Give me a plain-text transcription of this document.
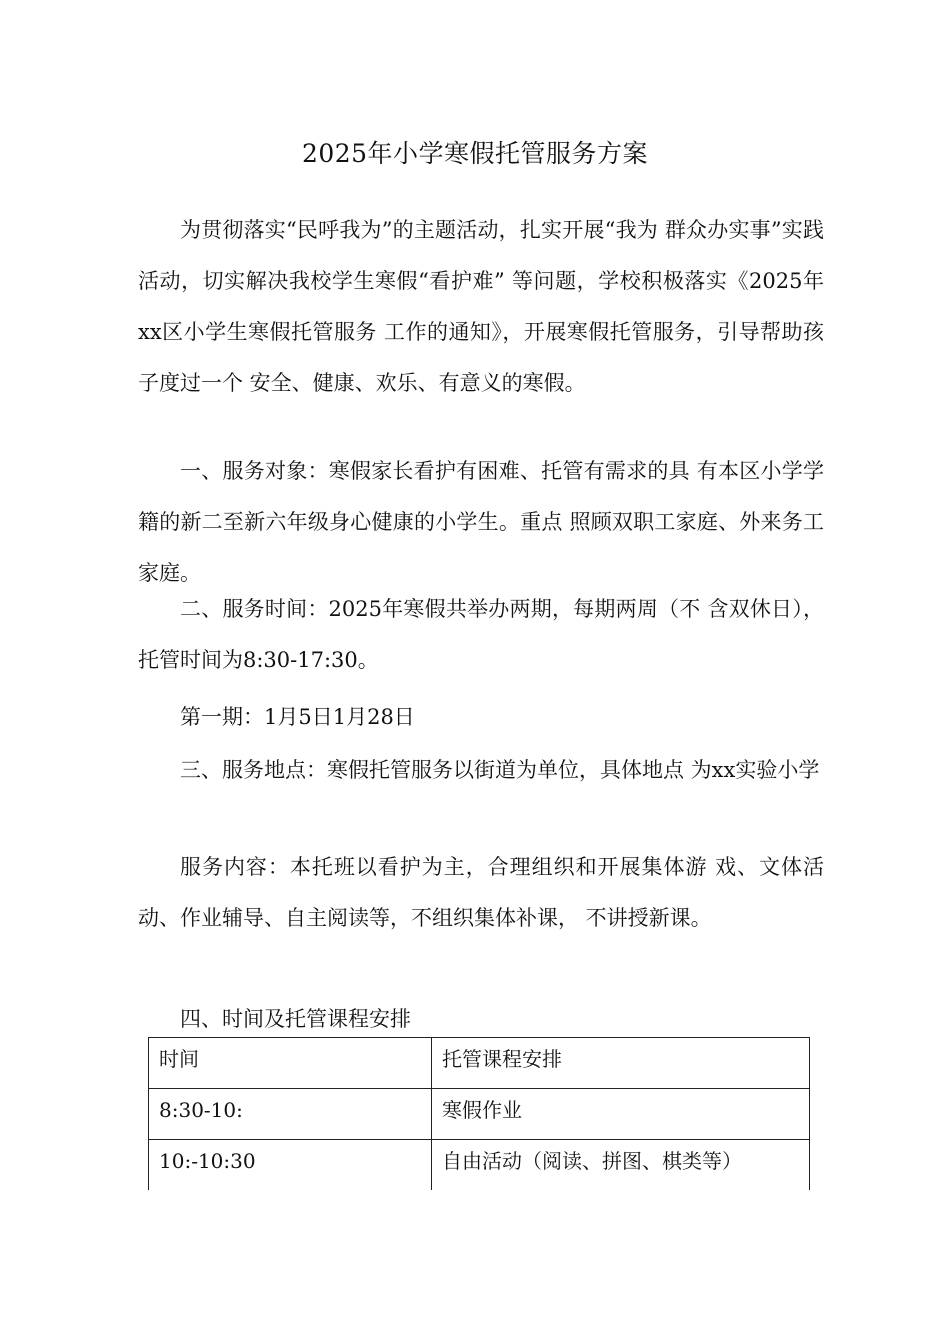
2025年小学寒假托管服务方案

为贯彻落实“民呼我为”的主题活动，扎实开展“我为 群众办实事”实践活动，切实解决我校学生寒假“看护难” 等问题，学校积极落实《2025年xx区小学生寒假托管服务 工作的通知》，开展寒假托管服务，引导帮助孩子度过一个 安全、健康、欢乐、有意义的寒假。

一、服务对象：寒假家长看护有困难、托管有需求的具 有本区小学学籍的新二至新六年级身心健康的小学生。重点 照顾双职工家庭、外来务工家庭。

二、服务时间：2025年寒假共举办两期，每期两周（不 含双休日），托管时间为8:30-17:30。

第一期：1月5日1月28日

三、服务地点：寒假托管服务以街道为单位，具体地点 为xx实验小学

服务内容：本托班以看护为主，合理组织和开展集体游 戏、文体活动、作业辅导、自主阅读等，不组织集体补课， 不讲授新课。

四、时间及托管课程安排

时间	托管课程安排
8:30-10:	寒假作业
10:-10:30	自由活动（阅读、拼图、棋类等）
